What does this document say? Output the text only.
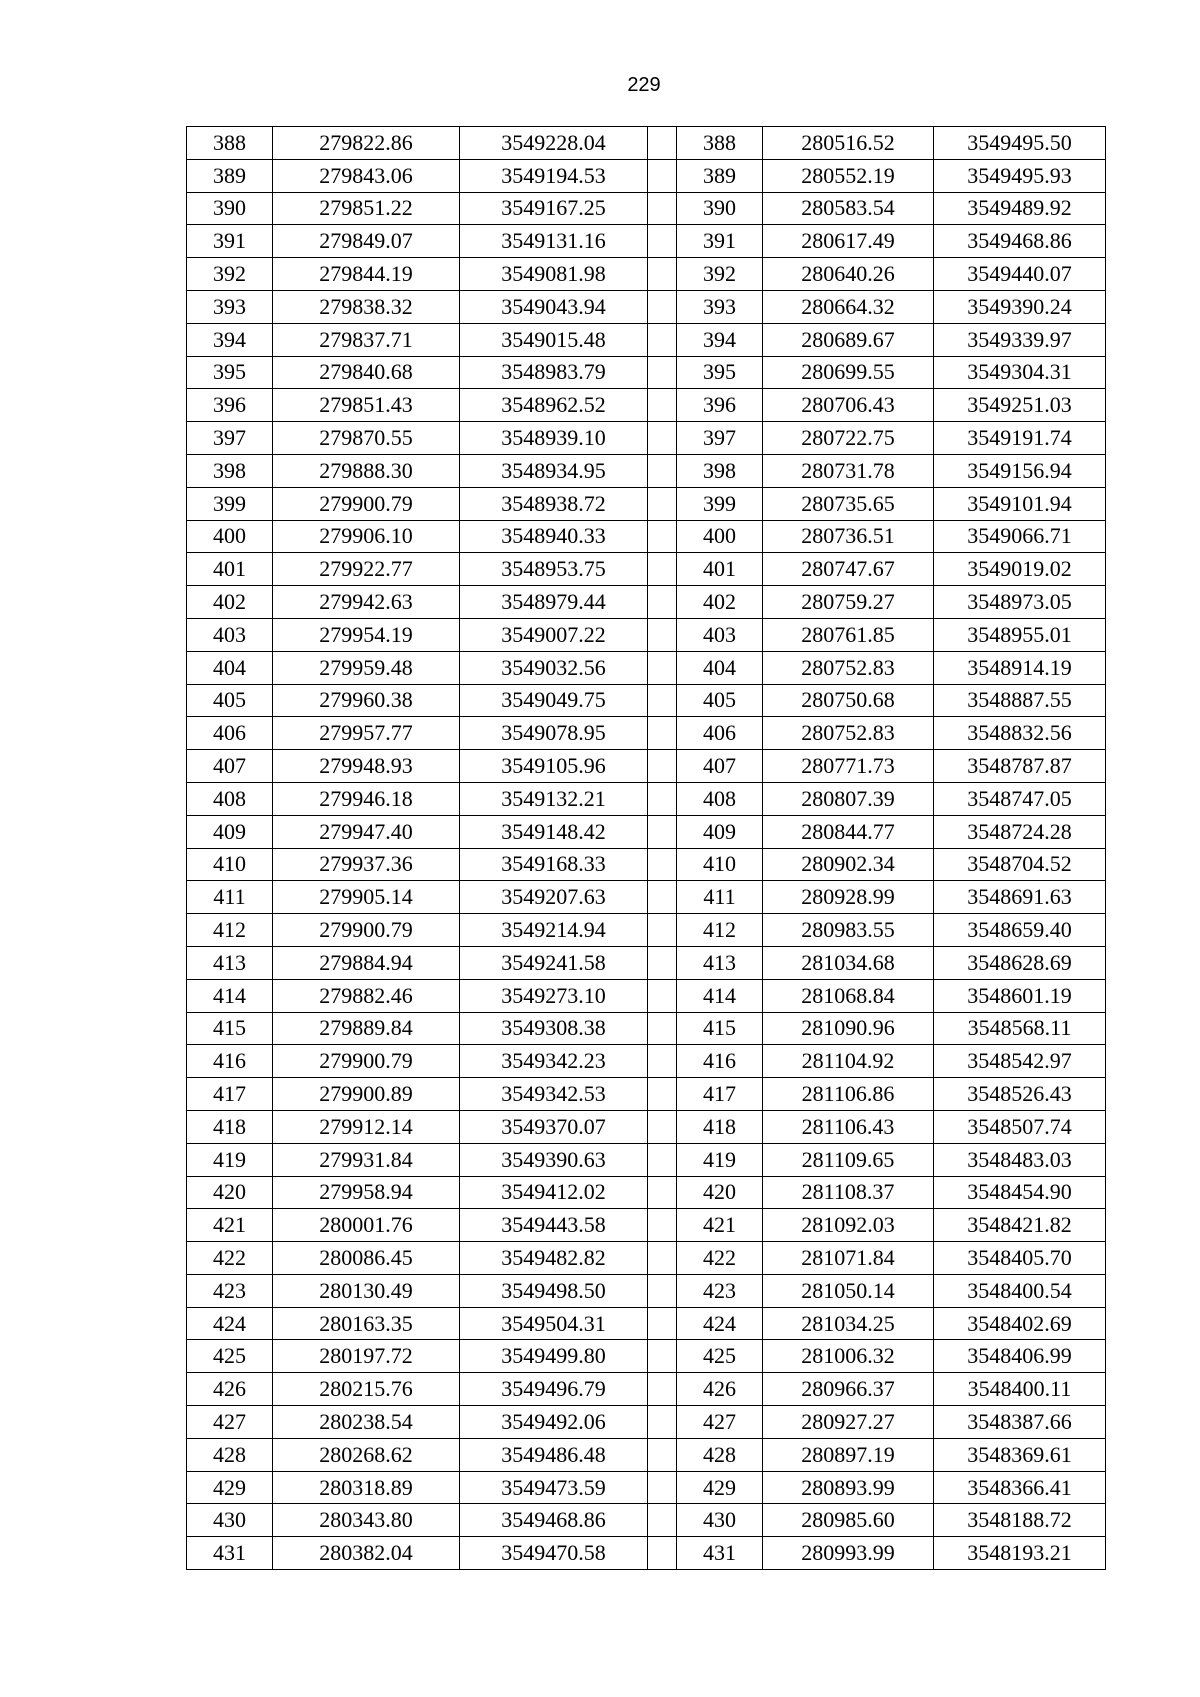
229
388	279822.86	3549228.04		388	280516.52	3549495.50
389	279843.06	3549194.53		389	280552.19	3549495.93
390	279851.22	3549167.25		390	280583.54	3549489.92
391	279849.07	3549131.16		391	280617.49	3549468.86
392	279844.19	3549081.98		392	280640.26	3549440.07
393	279838.32	3549043.94		393	280664.32	3549390.24
394	279837.71	3549015.48		394	280689.67	3549339.97
395	279840.68	3548983.79		395	280699.55	3549304.31
396	279851.43	3548962.52		396	280706.43	3549251.03
397	279870.55	3548939.10		397	280722.75	3549191.74
398	279888.30	3548934.95		398	280731.78	3549156.94
399	279900.79	3548938.72		399	280735.65	3549101.94
400	279906.10	3548940.33		400	280736.51	3549066.71
401	279922.77	3548953.75		401	280747.67	3549019.02
402	279942.63	3548979.44		402	280759.27	3548973.05
403	279954.19	3549007.22		403	280761.85	3548955.01
404	279959.48	3549032.56		404	280752.83	3548914.19
405	279960.38	3549049.75		405	280750.68	3548887.55
406	279957.77	3549078.95		406	280752.83	3548832.56
407	279948.93	3549105.96		407	280771.73	3548787.87
408	279946.18	3549132.21		408	280807.39	3548747.05
409	279947.40	3549148.42		409	280844.77	3548724.28
410	279937.36	3549168.33		410	280902.34	3548704.52
411	279905.14	3549207.63		411	280928.99	3548691.63
412	279900.79	3549214.94		412	280983.55	3548659.40
413	279884.94	3549241.58		413	281034.68	3548628.69
414	279882.46	3549273.10		414	281068.84	3548601.19
415	279889.84	3549308.38		415	281090.96	3548568.11
416	279900.79	3549342.23		416	281104.92	3548542.97
417	279900.89	3549342.53		417	281106.86	3548526.43
418	279912.14	3549370.07		418	281106.43	3548507.74
419	279931.84	3549390.63		419	281109.65	3548483.03
420	279958.94	3549412.02		420	281108.37	3548454.90
421	280001.76	3549443.58		421	281092.03	3548421.82
422	280086.45	3549482.82		422	281071.84	3548405.70
423	280130.49	3549498.50		423	281050.14	3548400.54
424	280163.35	3549504.31		424	281034.25	3548402.69
425	280197.72	3549499.80		425	281006.32	3548406.99
426	280215.76	3549496.79		426	280966.37	3548400.11
427	280238.54	3549492.06		427	280927.27	3548387.66
428	280268.62	3549486.48		428	280897.19	3548369.61
429	280318.89	3549473.59		429	280893.99	3548366.41
430	280343.80	3549468.86		430	280985.60	3548188.72
431	280382.04	3549470.58		431	280993.99	3548193.21
